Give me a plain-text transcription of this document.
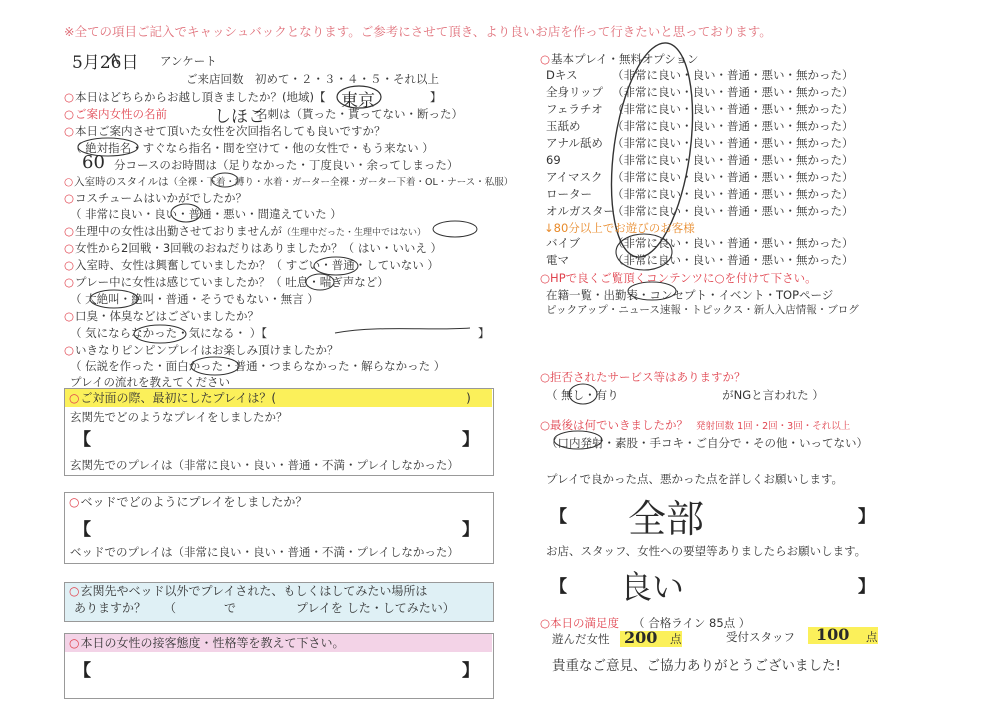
※全ての項目ご記入でキャッシュバックとなります。ご参考にさせて頂き、より良いお店を作って行きたいと思っております。
5月26日 アンケート
ご来店回数　初めて・２・３・４・５・それ以上
○ 本日はどちらからお越し頂きましたか？(地域)【 東京	】
○ ご案内女性の名前	しほこ
名刺は（貰った・貰ってない・断った）
○ 本日ご案内させて頂いた女性を次回指名しても良いですか？
（ 絶対指名・すぐなら指名・間を空けて・他の女性で・もう来ない ）
60 分コースのお時間は（足りなかった・丁度良い・余ってしまった）
○ 入室時のスタイルは（全裸・下着・縛り・水着・ガーター全裸・ガーター下着・OL・ナース・私服）
○ コスチュームはいかがでしたか？
（ 非常に良い・良い・普通・悪い・間違えていた ）
○ 生理中の女性は出勤させておりませんが（生理中だった・生理中ではない）
○ 女性から2回戦・3回戦のおねだりはありましたか？（ はい・いいえ ）
○ 入室時、女性は興奮していましたか？（ すごい・普通・していない ）
○ プレー中に女性は感じていましたか？（ 吐息・喘ぎ声など）
（ 大絶叫・絶叫・普通・そうでもない・無言 ）
○ 口臭・体臭などはございましたか？
（ 気にならなかった・気になる・ ）【	】
○ いきなりピンピンプレイはお楽しみ頂けましたか？
（ 伝説を作った・面白かった・普通・つまらなかった・解らなかった ）
プレイの流れを教えてください
○ ご対面の際、最初にしたプレイは？(	)
玄関先でどのようなプレイをしましたか？
【	】
玄関先でのプレイは（非常に良い・良い・普通・不満・プレイしなかった）
○ ベッドでどのようにプレイをしましたか？
【	】
ベッドでのプレイは（非常に良い・良い・普通・不満・プレイしなかった）
○ 玄関先やベッド以外でプレイされた、もしくはしてみたい場所は
ありますか？　　（　　　　で　　　　　プレイを した・してみたい）
○ 本日の女性の接客態度・性格等を教えて下さい。
【	】
○ 基本プレイ・無料オプション
Dキス	（非常に良い・良い・普通・悪い・無かった）
全身リップ （非常に良い・良い・普通・悪い・無かった）
フェラチオ （非常に良い・良い・普通・悪い・無かった）
玉舐め	（非常に良い・良い・普通・悪い・無かった）
アナル舐め （非常に良い・良い・普通・悪い・無かった）
69	（非常に良い・良い・普通・悪い・無かった）
アイマスク （非常に良い・良い・普通・悪い・無かった）
ローター （非常に良い・良い・普通・悪い・無かった）
オルガスター
（非常に良い・良い・普通・悪い・無かった）
↓80分以上でお遊びのお客様
バイブ	（非常に良い・良い・普通・悪い・無かった）
電マ	（非常に良い・良い・普通・悪い・無かった）
○HPで良くご覧頂くコンテンツに○を付けて下さい。
在籍一覧・出勤表・コンセプト・イベント・TOPページ
ピックアップ・ニュース速報・トピックス・新人入店情報・ブログ
○拒否されたサービス等はありますか？
（ 無し・有り　　　　　　　　　がNGと言われた ）
○最後は何でいきましたか？ 発射回数 1回・2回・3回・それ以上
（口内発射・素股・手コキ・ご自分で・その他・いってない）
プレイで良かった点、悪かった点を詳しくお願いします。
【 全部	】
お店、スタッフ、女性への要望等ありましたらお願いします。
【 良い	】
○本日の満足度 （ 合格ライン 85点 ）
遊んだ女性 200 点	受付スタッフ 100 点
貴重なご意見、ご協力ありがとうございました!
